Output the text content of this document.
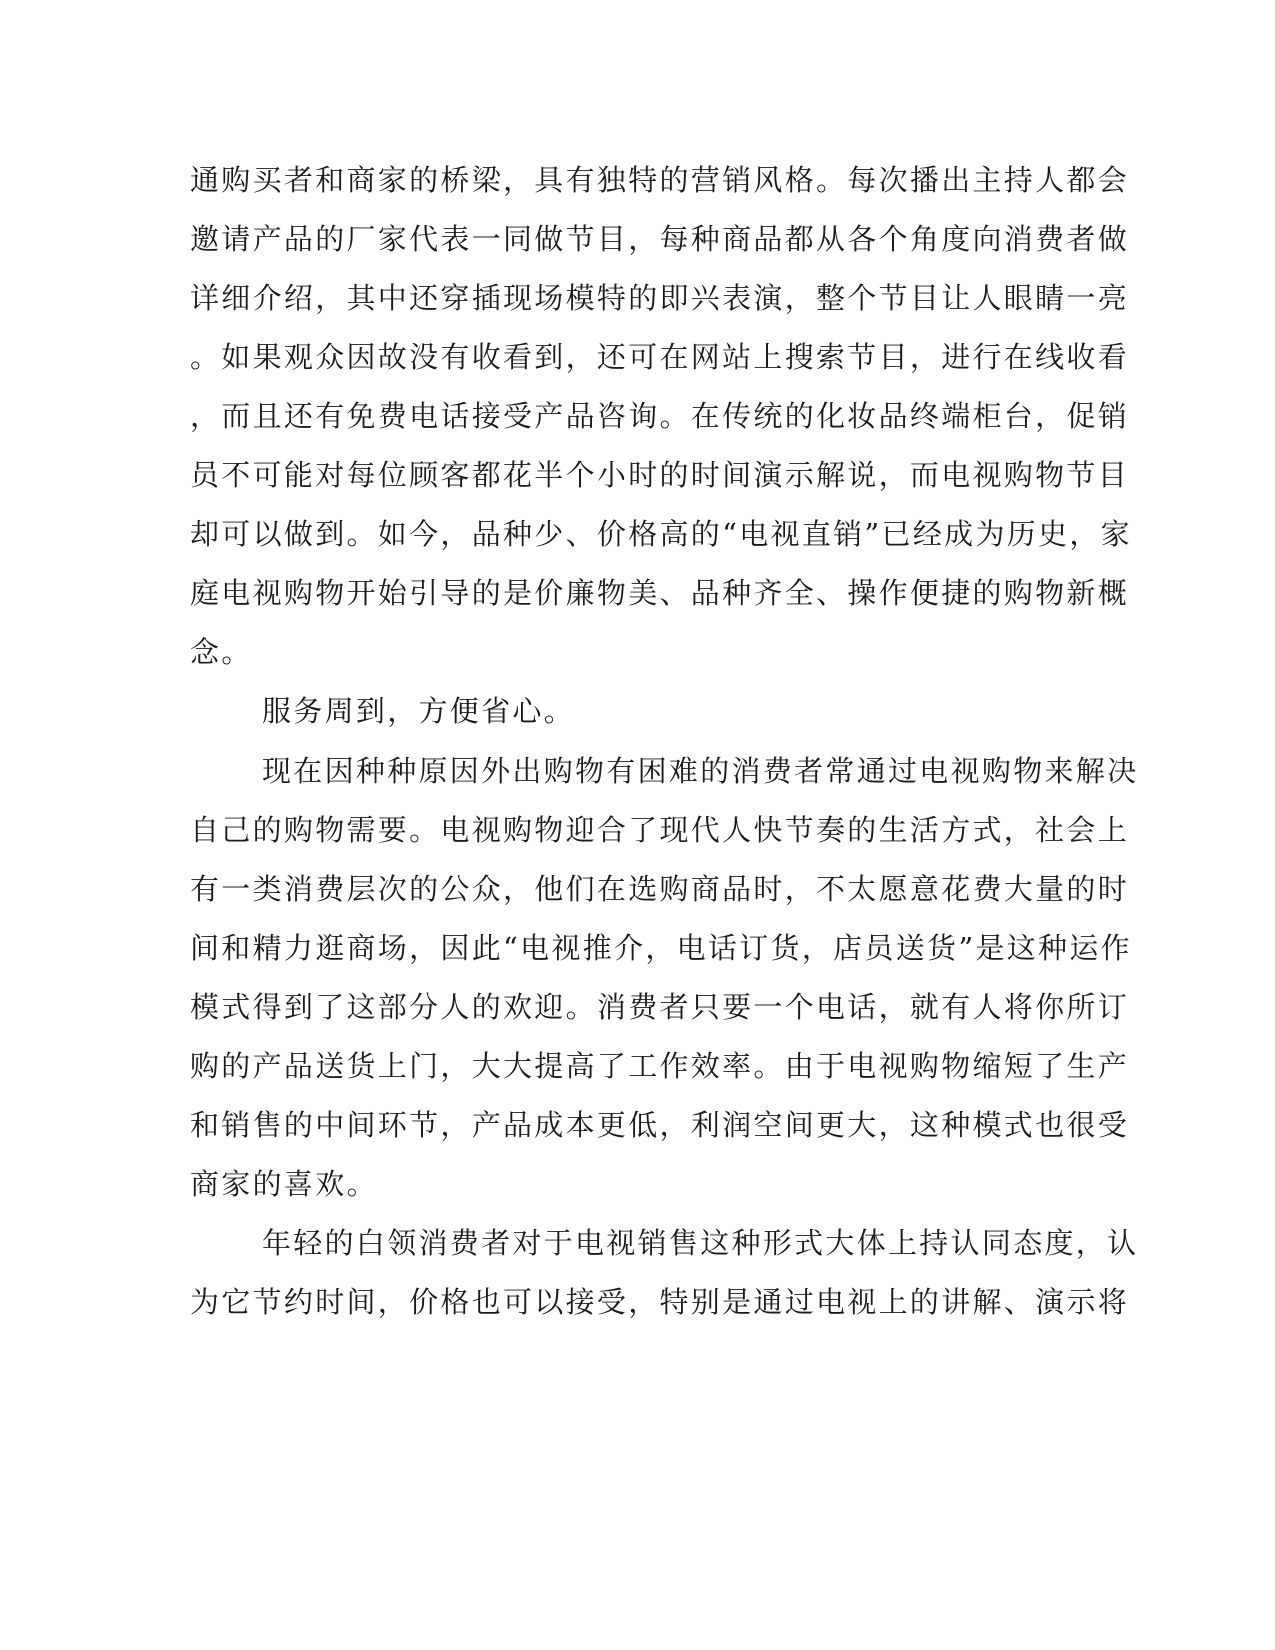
通购买者和商家的桥梁，具有独特的营销风格。每次播出主持人都会
邀请产品的厂家代表一同做节目，每种商品都从各个角度向消费者做
详细介绍，其中还穿插现场模特的即兴表演，整个节目让人眼睛一亮
。如果观众因故没有收看到，还可在网站上搜索节目，进行在线收看
，而且还有免费电话接受产品咨询。在传统的化妆品终端柜台，促销
员不可能对每位顾客都花半个小时的时间演示解说，而电视购物节目
却可以做到。如今，品种少、价格高的“电视直销”已经成为历史，家
庭电视购物开始引导的是价廉物美、品种齐全、操作便捷的购物新概
念。
服务周到，方便省心。
现在因种种原因外出购物有困难的消费者常通过电视购物来解决
自己的购物需要。电视购物迎合了现代人快节奏的生活方式，社会上
有一类消费层次的公众，他们在选购商品时，不太愿意花费大量的时
间和精力逛商场，因此“电视推介，电话订货，店员送货”是这种运作
模式得到了这部分人的欢迎。消费者只要一个电话，就有人将你所订
购的产品送货上门，大大提高了工作效率。由于电视购物缩短了生产
和销售的中间环节，产品成本更低，利润空间更大，这种模式也很受
商家的喜欢。
年轻的白领消费者对于电视销售这种形式大体上持认同态度，认
为它节约时间，价格也可以接受，特别是通过电视上的讲解、演示将
